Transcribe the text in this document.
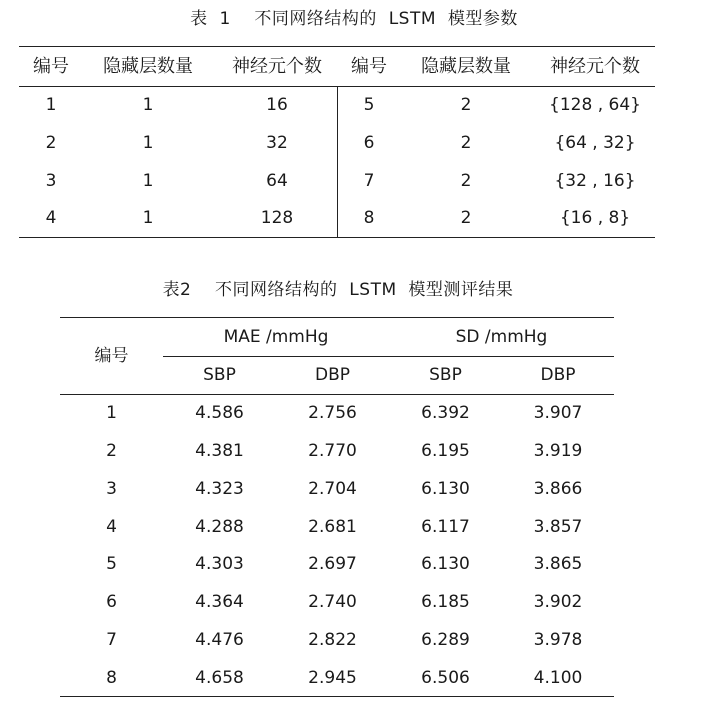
表  1    不同网络结构的  LSTM  模型参数
编号	隐藏层数量	神经元个数	编号	隐藏层数量	神经元个数
1	1	16	5	2	{128 , 64}
2	1	32	6	2	{64 , 32}
3	1	64	7	2	{32 , 16}
4	1	128	8	2	{16 , 8}
表2    不同网络结构的  LSTM  模型测评结果
编号
MAE /mmHg	SD /mmHg
SBP	DBP	SBP	DBP
1	4.586	2.756	6.392	3.907
2	4.381	2.770	6.195	3.919
3	4.323	2.704	6.130	3.866
4	4.288	2.681	6.117	3.857
5	4.303	2.697	6.130	3.865
6	4.364	2.740	6.185	3.902
7	4.476	2.822	6.289	3.978
8	4.658	2.945	6.506	4.100
